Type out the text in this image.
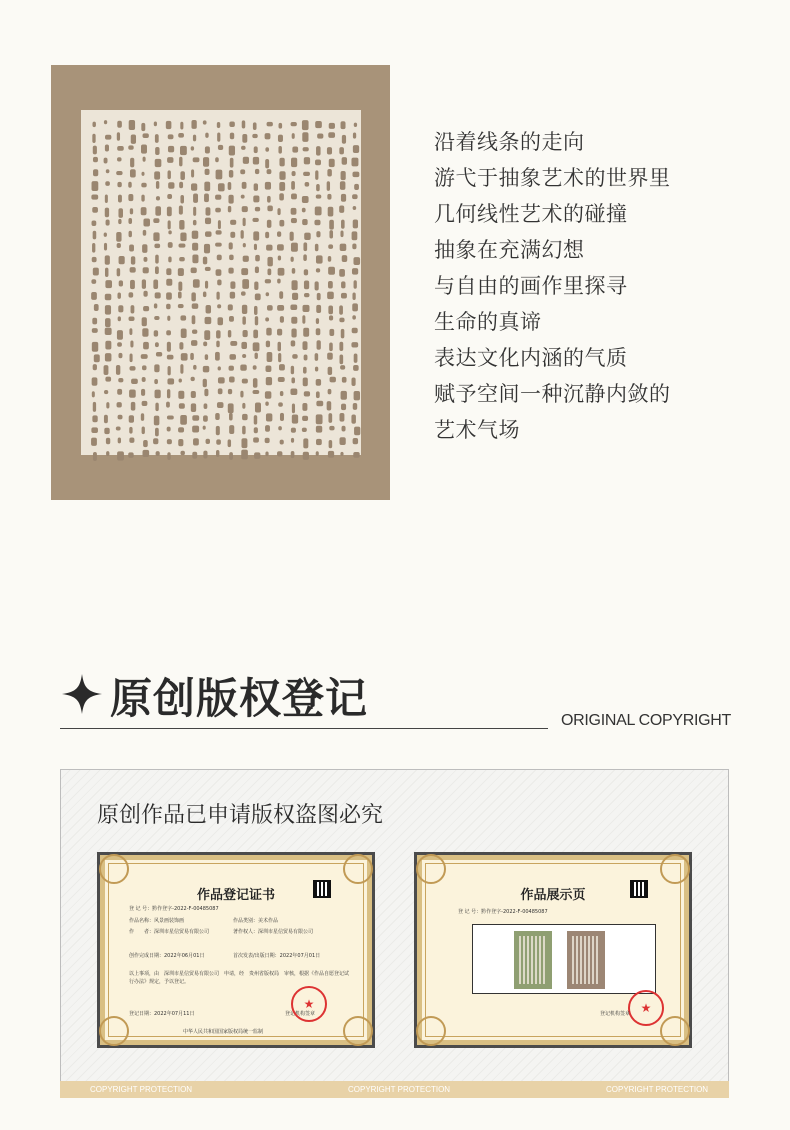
沿着线条的走向
游弋于抽象艺术的世界里
几何线性艺术的碰撞
抽象在充满幻想
与自由的画作里探寻
生命的真谛
表达文化内涵的气质
赋予空间一种沉静内敛的
艺术气场
原创版权登记	ORIGINAL COPYRIGHT
原创作品已申请版权盗图必究
作品登记证书
登 记 号：黔作登字-2022-F-00485087
作品名称：风景画装饰画
作　　者：深圳市星信贸易有限公司
作品类别：美术作品
著作权人：深圳市星信贸易有限公司
创作完成日期：2022年06月01日	首次发表/出版日期：2022年07月01日
以上事项，由　深圳市星信贸易有限公司　申请，经　贵州省版权局　审核，根据《作品自愿登记试行办法》规定，予以登记。
登记日期：2022年07月11日	登记机构签章
★
中华人民共和国国家版权局统一监制
作品展示页
登 记 号：黔作登字-2022-F-00485087
★
登记机构签章
COPYRIGHT PROTECTION	COPYRIGHT PROTECTION	COPYRIGHT PROTECTION
